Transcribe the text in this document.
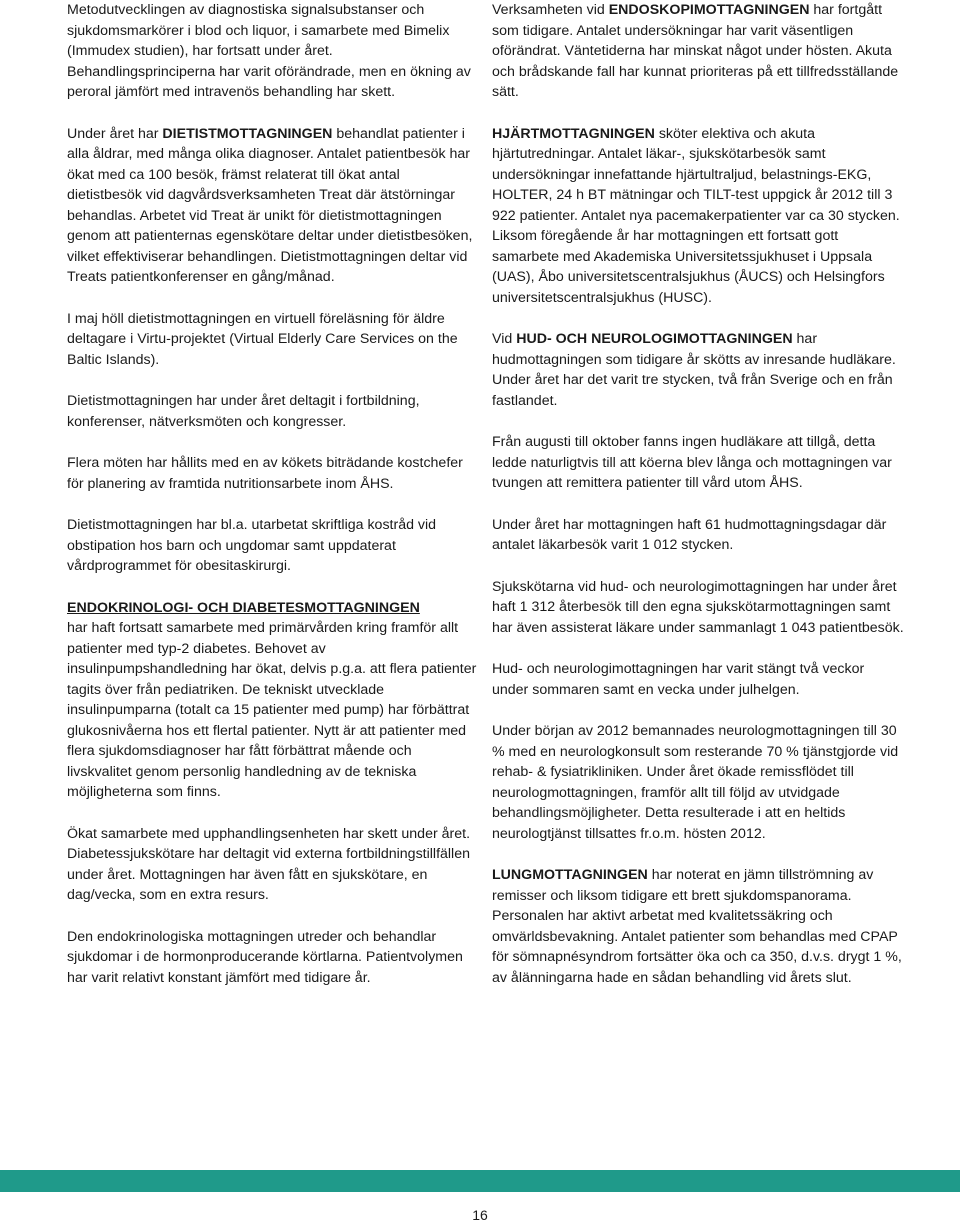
Metodutvecklingen av diagnostiska signalsubstanser och sjukdomsmarkörer i blod och liquor, i samarbete med Bimelix (Immudex studien), har fortsatt under året. Behandlingsprinciperna har varit oförändrade, men en ökning av peroral jämfört med intravenös behandling har skett.

Under året har DIETISTMOTTAGNINGEN behandlat patienter i alla åldrar, med många olika diagnoser. Antalet patientbesök har ökat med ca 100 besök, främst relaterat till ökat antal dietistbesök vid dagvårdsverksamheten Treat där ätstörningar behandlas. Arbetet vid Treat är unikt för dietistmottagningen genom att patienternas egenskötare deltar under dietistbesöken, vilket effektiviserar behandlingen. Dietistmottagningen deltar vid Treats patientkonferenser en gång/månad.

I maj höll dietistmottagningen en virtuell föreläsning för äldre deltagare i Virtu-projektet (Virtual Elderly Care Services on the Baltic Islands).

Dietistmottagningen har under året deltagit i fortbildning, konferenser, nätverksmöten och kongresser.

Flera möten har hållits med en av kökets biträdande kostchefer för planering av framtida nutritionsarbete inom ÅHS.

Dietistmottagningen har bl.a. utarbetat skriftliga kostråd vid obstipation hos barn och ungdomar samt uppdaterat vårdprogrammet för obesitaskirurgi.

ENDOKRINOLOGI- OCH DIABETESMOTTAGNINGEN
har haft fortsatt samarbete med primärvården kring framför allt patienter med typ-2 diabetes. Behovet av insulinpumpshandledning har ökat, delvis p.g.a. att flera patienter tagits över från pediatriken. De tekniskt utvecklade insulinpumparna (totalt ca 15 patienter med pump) har förbättrat glukosnivåerna hos ett flertal patienter. Nytt är att patienter med flera sjukdomsdiagnoser har fått förbättrat mående och livskvalitet genom personlig handledning av de tekniska möjligheterna som finns.

Ökat samarbete med upphandlingsenheten har skett under året. Diabetessjukskötare har deltagit vid externa fortbildningstillfällen under året. Mottagningen har även fått en sjukskötare, en dag/vecka, som en extra resurs.

Den endokrinologiska mottagningen utreder och behandlar sjukdomar i de hormonproducerande körtlarna. Patientvolymen har varit relativt konstant jämfört med tidigare år.

Verksamheten vid ENDOSKOPIMOTTAGNINGEN har fortgått som tidigare. Antalet undersökningar har varit väsentligen oförändrat. Väntetiderna har minskat något under hösten. Akuta och brådskande fall har kunnat prioriteras på ett tillfredsställande sätt.

HJÄRTMOTTAGNINGEN sköter elektiva och akuta hjärtutredningar. Antalet läkar-, sjukskötarbesök samt undersökningar innefattande hjärtultraljud, belastnings-EKG, HOLTER, 24 h BT mätningar och TILT-test uppgick år 2012 till 3 922 patienter. Antalet nya pacemakerpatienter var ca 30 stycken.
Liksom föregående år har mottagningen ett fortsatt gott samarbete med Akademiska Universitetssjukhuset i Uppsala (UAS), Åbo universitetscentralsjukhus (ÅUCS) och Helsingfors universitetscentralsjukhus (HUSC).

Vid HUD- OCH NEUROLOGIMOTTAGNINGEN har hudmottagningen som tidigare år skötts av inresande hudläkare. Under året har det varit tre stycken, två från Sverige och en från fastlandet.

Från augusti till oktober fanns ingen hudläkare att tillgå, detta ledde naturligtvis till att köerna blev långa och mottagningen var tvungen att remittera patienter till vård utom ÅHS.

Under året har mottagningen haft 61 hudmottagningsdagar där antalet läkarbesök varit 1 012 stycken.

Sjukskötarna vid hud- och neurologimottagningen har under året haft 1 312 återbesök till den egna sjukskötarmottagningen samt har även assisterat läkare under sammanlagt 1 043 patientbesök.

Hud- och neurologimottagningen har varit stängt två veckor under sommaren samt en vecka under julhelgen.

Under början av 2012 bemannades neurologmottagningen till 30 % med en neurologkonsult som resterande 70 % tjänstgjorde vid rehab- & fysiatrikliniken. Under året ökade remissflödet till neurologmottagningen, framför allt till följd av utvidgade behandlingsmöjligheter. Detta resulterade i att en heltids neurologtjänst tillsattes fr.o.m. hösten 2012.

LUNGMOTTAGNINGEN har noterat en jämn tillströmning av remisser och liksom tidigare ett brett sjukdomspanorama. Personalen har aktivt arbetat med kvalitetssäkring och omvärldsbevakning. Antalet patienter som behandlas med CPAP för sömnapnésyndrom fortsätter öka och ca 350, d.v.s. drygt 1 %, av ålänningarna hade en sådan behandling vid årets slut.

16
